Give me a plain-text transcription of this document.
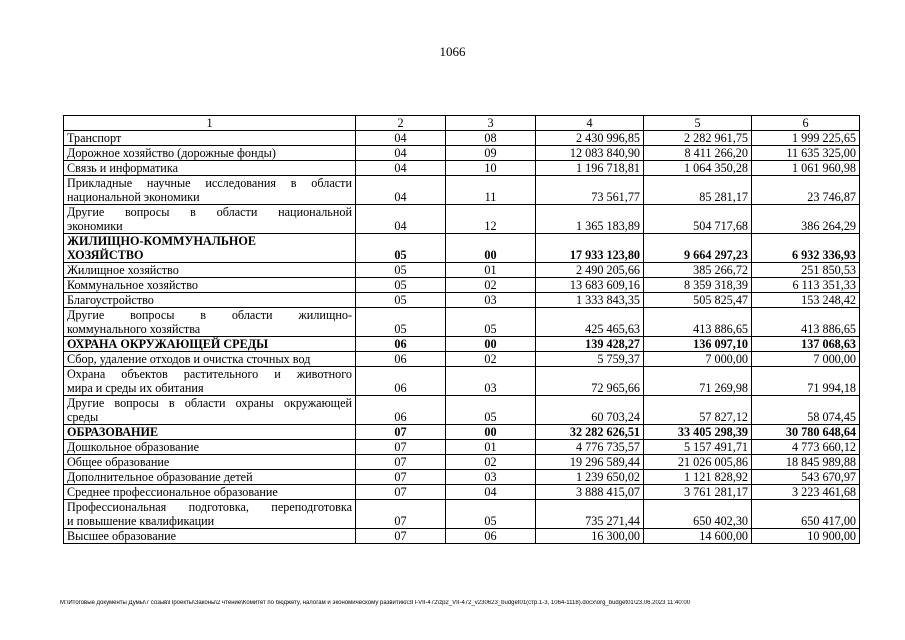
1066
1	2	3	4	5	6
Транспорт	04	08	2 430 996,85	2 282 961,75	1 999 225,65
Дорожное хозяйство (дорожные фонды)	04	09	12 083 840,90	8 411 266,20	11 635 325,00
Связь и информатика	04	10	1 196 718,81	1 064 350,28	1 061 960,98

Прикладные научные исследования в области
национальной экономики	04	11	73 561,77	85 281,17	23 746,87

Другие вопросы в области национальной
экономики	04	12	1 365 183,89	504 717,68	386 264,29

ЖИЛИЩНО-КОММУНАЛЬНОЕ
ХОЗЯЙСТВО	05	00	17 933 123,80	9 664 297,23	6 932 336,93
Жилищное хозяйство	05	01	2 490 205,66	385 266,72	251 850,53
Коммунальное хозяйство	05	02	13 683 609,16	8 359 318,39	6 113 351,33
Благоустройство	05	03	1 333 843,35	505 825,47	153 248,42

Другие вопросы в области жилищно-
коммунального хозяйства	05	05	425 465,63	413 886,65	413 886,65
ОХРАНА ОКРУЖАЮЩЕЙ СРЕДЫ	06	00	139 428,27	136 097,10	137 068,63
Сбор, удаление отходов и очистка сточных вод	06	02	5 759,37	7 000,00	7 000,00

Охрана объектов растительного и животного
мира и среды их обитания	06	03	72 965,66	71 269,98	71 994,18

Другие вопросы в области охраны окружающей
среды	06	05	60 703,24	57 827,12	58 074,45
ОБРАЗОВАНИЕ	07	00	32 282 626,51	33 405 298,39	30 780 648,64
Дошкольное образование	07	01	4 776 735,57	5 157 491,71	4 773 660,12
Общее образование	07	02	19 296 589,44	21 026 005,86	18 845 989,88
Дополнительное образование детей	07	03	1 239 650,02	1 121 828,92	543 670,97
Среднее профессиональное образование	07	04	3 888 415,07	3 761 281,17	3 223 461,68

Профессиональная подготовка, переподготовка
и повышение квалификации	07	05	735 271,44	650 402,30	650 417,00
Высшее образование	07	06	16 300,00	14 600,00	10 900,00
M:\Итоговые документы Думы\7 созыв\Проекты\Законы\2 чтение\Комитет по бюджету, налогам и экономическому развитию\ЗП-VII-472\zp2_VII-472_v230623_budget01(стр.1-3, 1064-1118).docx\org_budget01\23.06.2023 11:40:00
